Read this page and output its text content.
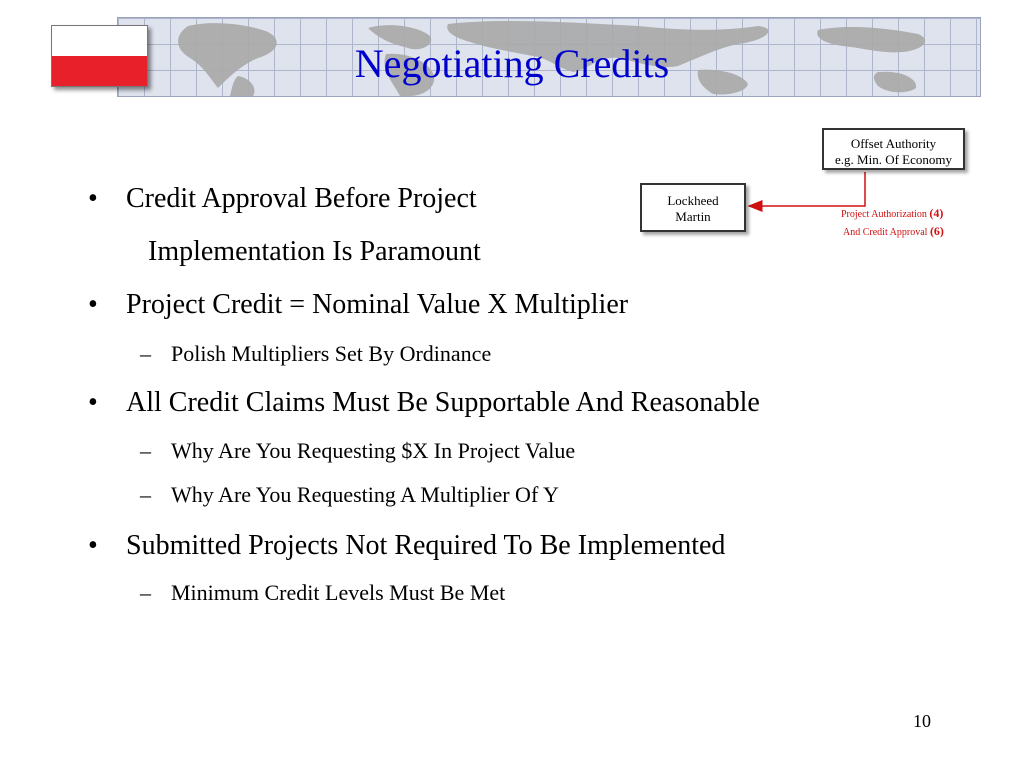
Negotiating Credits
• Credit Approval Before Project
Implementation Is Paramount
• Project Credit = Nominal Value X Multiplier
– Polish Multipliers Set By Ordinance
• All Credit Claims Must Be Supportable And Reasonable
– Why Are You Requesting $X In Project Value
– Why Are You Requesting A Multiplier Of Y
• Submitted Projects Not Required To Be Implemented
– Minimum Credit Levels Must Be Met
Offset Authority
e.g. Min. Of Economy
Lockheed
Martin	Project Authorization (4)
And Credit Approval (6)
10
